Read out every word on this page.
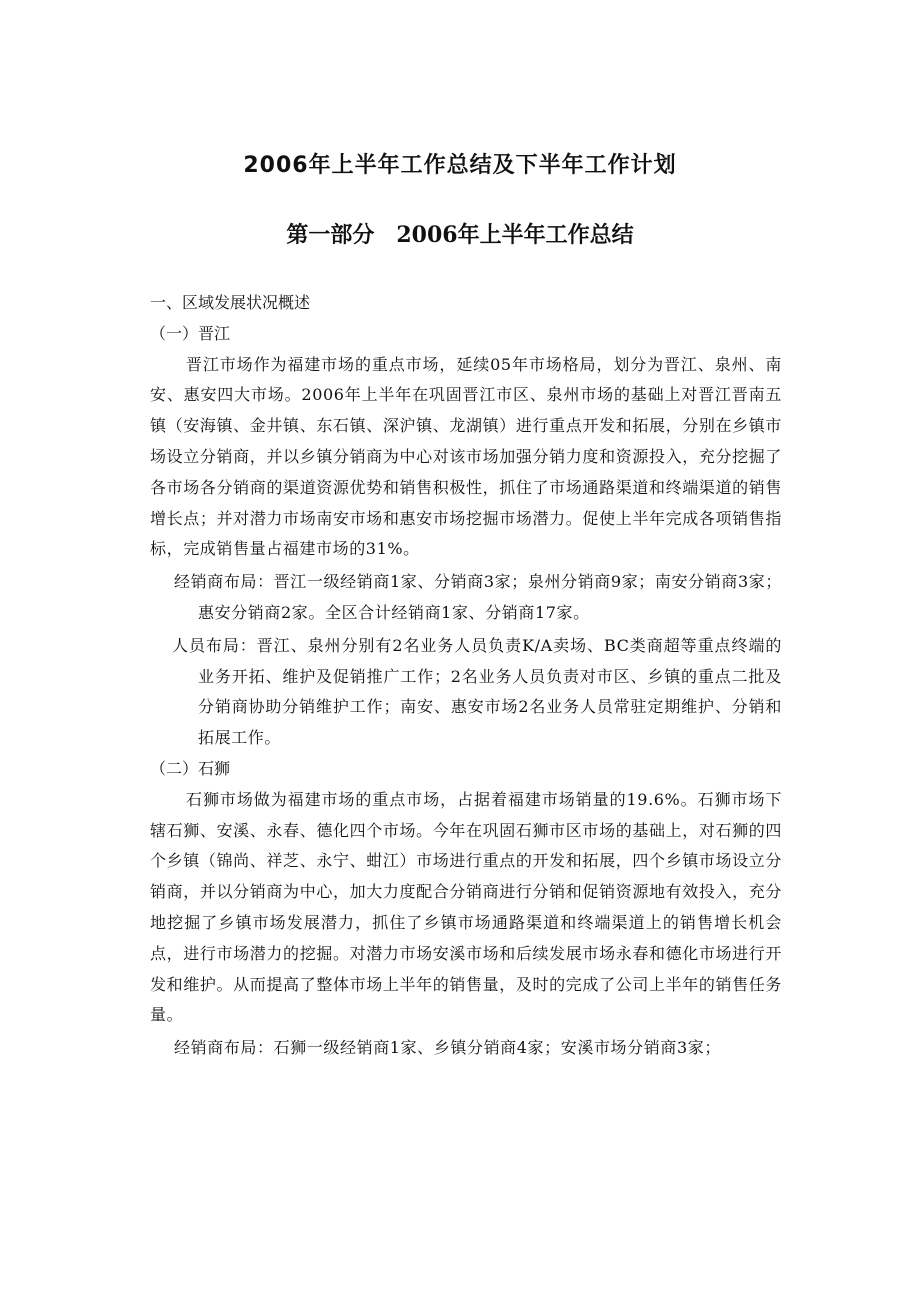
2006年上半年工作总结及下半年工作计划
第一部分　2006年上半年工作总结

一、区域发展状况概述

（一）晋江

晋江市场作为福建市场的重点市场，延续05年市场格局，划分为晋江、泉州、南安、惠安四大市场。2006年上半年在巩固晋江市区、泉州市场的基础上对晋江晋南五镇（安海镇、金井镇、东石镇、深沪镇、龙湖镇）进行重点开发和拓展，分别在乡镇市场设立分销商，并以乡镇分销商为中心对该市场加强分销力度和资源投入，充分挖掘了各市场各分销商的渠道资源优势和销售积极性，抓住了市场通路渠道和终端渠道的销售增长点；并对潜力市场南安市场和惠安市场挖掘市场潜力。促使上半年完成各项销售指标，完成销售量占福建市场的31%。

经销商布局：晋江一级经销商1家、分销商3家；泉州分销商9家；南安分销商3家；惠安分销商2家。全区合计经销商1家、分销商17家。

人员布局：晋江、泉州分别有2名业务人员负责K/A卖场、BC类商超等重点终端的业务开拓、维护及促销推广工作；2名业务人员负责对市区、乡镇的重点二批及分销商协助分销维护工作；南安、惠安市场2名业务人员常驻定期维护、分销和拓展工作。

（二）石狮

石狮市场做为福建市场的重点市场，占据着福建市场销量的19.6%。石狮市场下辖石狮、安溪、永春、德化四个市场。今年在巩固石狮市区市场的基础上，对石狮的四个乡镇（锦尚、祥芝、永宁、蚶江）市场进行重点的开发和拓展，四个乡镇市场设立分销商，并以分销商为中心，加大力度配合分销商进行分销和促销资源地有效投入，充分地挖掘了乡镇市场发展潜力，抓住了乡镇市场通路渠道和终端渠道上的销售增长机会点，进行市场潜力的挖掘。对潜力市场安溪市场和后续发展市场永春和德化市场进行开发和维护。从而提高了整体市场上半年的销售量，及时的完成了公司上半年的销售任务量。

经销商布局：石狮一级经销商1家、乡镇分销商4家；安溪市场分销商3家；
